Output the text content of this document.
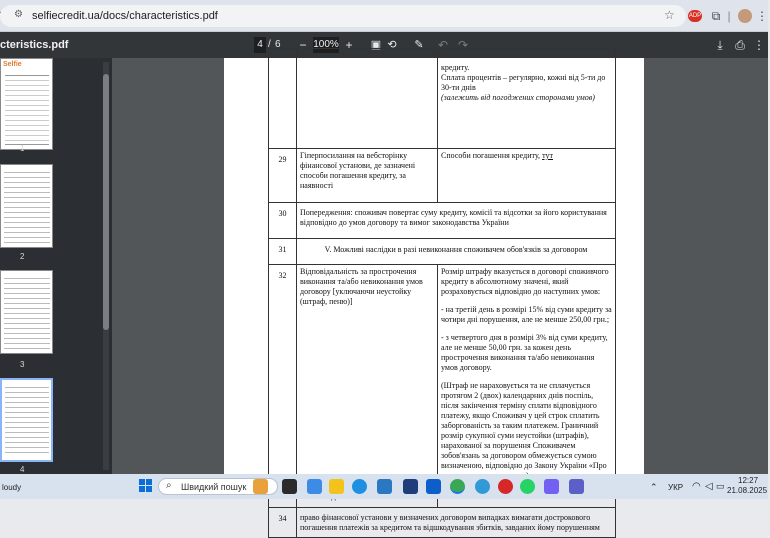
⚙ selfiecredit.ua/docs/characteristics.pdf	☆ ADP ⧉ |	⋮
cteristics.pdf	4 / 6 − 100% +	▣ ⟲ ✎ ↶ ↷	⤓	⎙ ⋮
Selfie
1
2
3
4

		кредиту.
Сплата процентів – регулярно, кожні від 5-ти до 30-ти днів
(залежить від погоджених сторонами умов)

29	Гіперпосилання на вебсторінку фінансової установи, де зазначені способи погашення кредиту, за наявності	Способи погашення кредиту, тут
30	Попередження: споживач повертає суму кредиту, комісії та відсотки за його користування відповідно до умов договору та вимог законодавства України	
31	V. Можливі наслідки в разі невиконання споживачем обов'язків за договором	
32	Відповідальність за прострочення виконання та/або невиконання умов договору [уключаючи неустойку (штраф, пеню)]	Розмір штрафу вказується в договорі споживчого кредиту в абсолютному значені, який розраховується відповідно до наступних умов:
- на третій день в розмірі 15% від суми кредиту за чотири дні порушення, але не менше 250,00 грн.;
- з четвертого дня в розмірі 3% від суми кредиту, але не менше 50,00 грн. за кожен день прострочення виконання та/або невиконання умов договору.
(Штраф не нараховується та не сплачується протягом 2 (двох) календарних днів поспіль, після закінчення терміну сплати відповідного платежу, якщо Споживач у цей строк сплатить заборгованість за таким платежем. Граничний розмір сукупної суми неустойки (штрафів), нарахованої за порушення Споживачем зобов'язань за договором обмежується сумою визначеною, відповідно до Закону України «Про

34	право фінансової установи у визначених договором випадках вимагати дострокового погашення платежів за кредитом та відшкодування збитків, завданих йому порушенням	
loudy	⌕ Швидкий пошук	⌃ УКР ◠ ◁ ▭
12:27
21.08.2025
